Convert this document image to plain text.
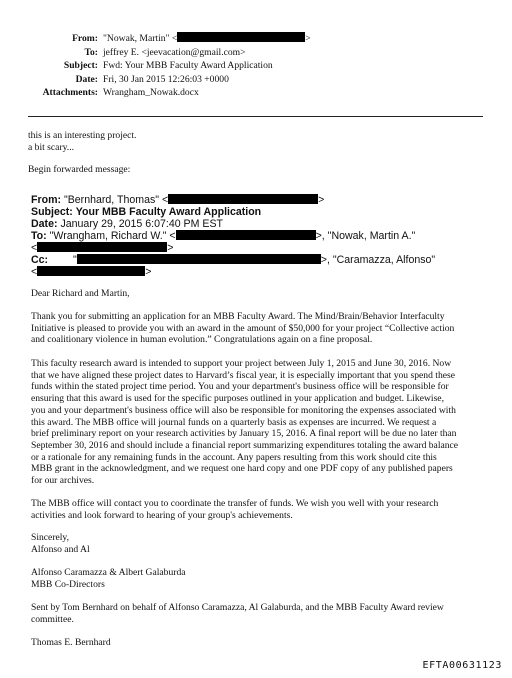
From: "Nowak, Martin" <	>
To: jeffrey E. <jeevacation@gmail.com>
Subject: Fwd: Your MBB Faculty Award Application
Date: Fri, 30 Jan 2015 12:26:03 +0000
Attachments: Wrangham_Nowak.docx
this is an interesting project.
a bit scary...
Begin forwarded message:
From: "Bernhard, Thomas" <	>
Subject: Your MBB Faculty Award Application
Date: January 29, 2015 6:07:40 PM EST
To: "Wrangham, Richard W." <	>, "Nowak, Martin A."
<	>
Cc: "	>, "Caramazza, Alfonso"
<	>
Dear Richard and Martin,
Thank you for submitting an application for an MBB Faculty Award. The Mind/Brain/Behavior Interfaculty
Initiative is pleased to provide you with an award in the amount of $50,000 for your project “Collective action
and coalitionary violence in human evolution.” Congratulations again on a fine proposal.
This faculty research award is intended to support your project between July 1, 2015 and June 30, 2016. Now
that we have aligned these project dates to Harvard’s fiscal year, it is especially important that you spend these
funds within the stated project time period. You and your department's business office will be responsible for
ensuring that this award is used for the specific purposes outlined in your application and budget. Likewise,
you and your department's business office will also be responsible for monitoring the expenses associated with
this award. The MBB office will journal funds on a quarterly basis as expenses are incurred. We request a
brief preliminary report on your research activities by January 15, 2016. A final report will be due no later than
September 30, 2016 and should include a financial report summarizing expenditures totaling the award balance
or a rationale for any remaining funds in the account. Any papers resulting from this work should cite this
MBB grant in the acknowledgment, and we request one hard copy and one PDF copy of any published papers
for our archives.
The MBB office will contact you to coordinate the transfer of funds. We wish you well with your research
activities and look forward to hearing of your group's achievements.
Sincerely,
Alfonso and Al
Alfonso Caramazza & Albert Galaburda
MBB Co-Directors
Sent by Tom Bernhard on behalf of Alfonso Caramazza, Al Galaburda, and the MBB Faculty Award review
committee.
Thomas E. Bernhard
EFTA00631123
